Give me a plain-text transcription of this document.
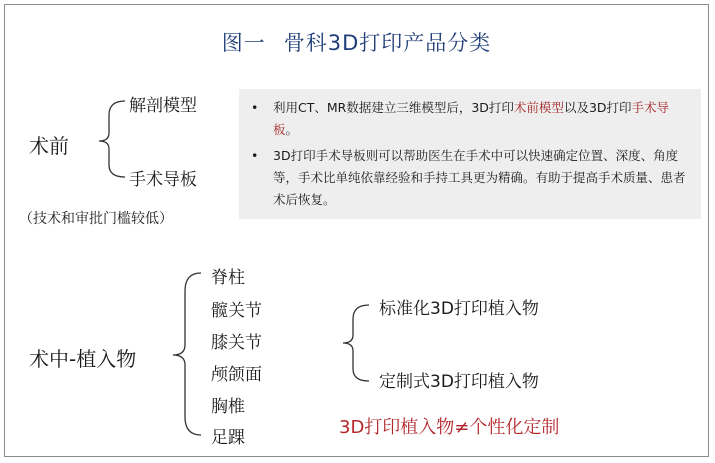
图一 骨科3D打印产品分类
术前
解剖模型
手术导板
（技术和审批门槛较低）
• 利用CT、MR数据建立三维模型后，3D打印术前模型以及3D打印手术导板。
• 3D打印手术导板则可以帮助医生在手术中可以快速确定位置、深度、角度等，手术比单纯依靠经验和手持工具更为精确。有助于提高手术质量、患者术后恢复。
术中-植入物
脊柱
髋关节
膝关节
颅颌面
胸椎
足踝
标准化3D打印植入物
定制式3D打印植入物
3D打印植入物≠个性化定制
